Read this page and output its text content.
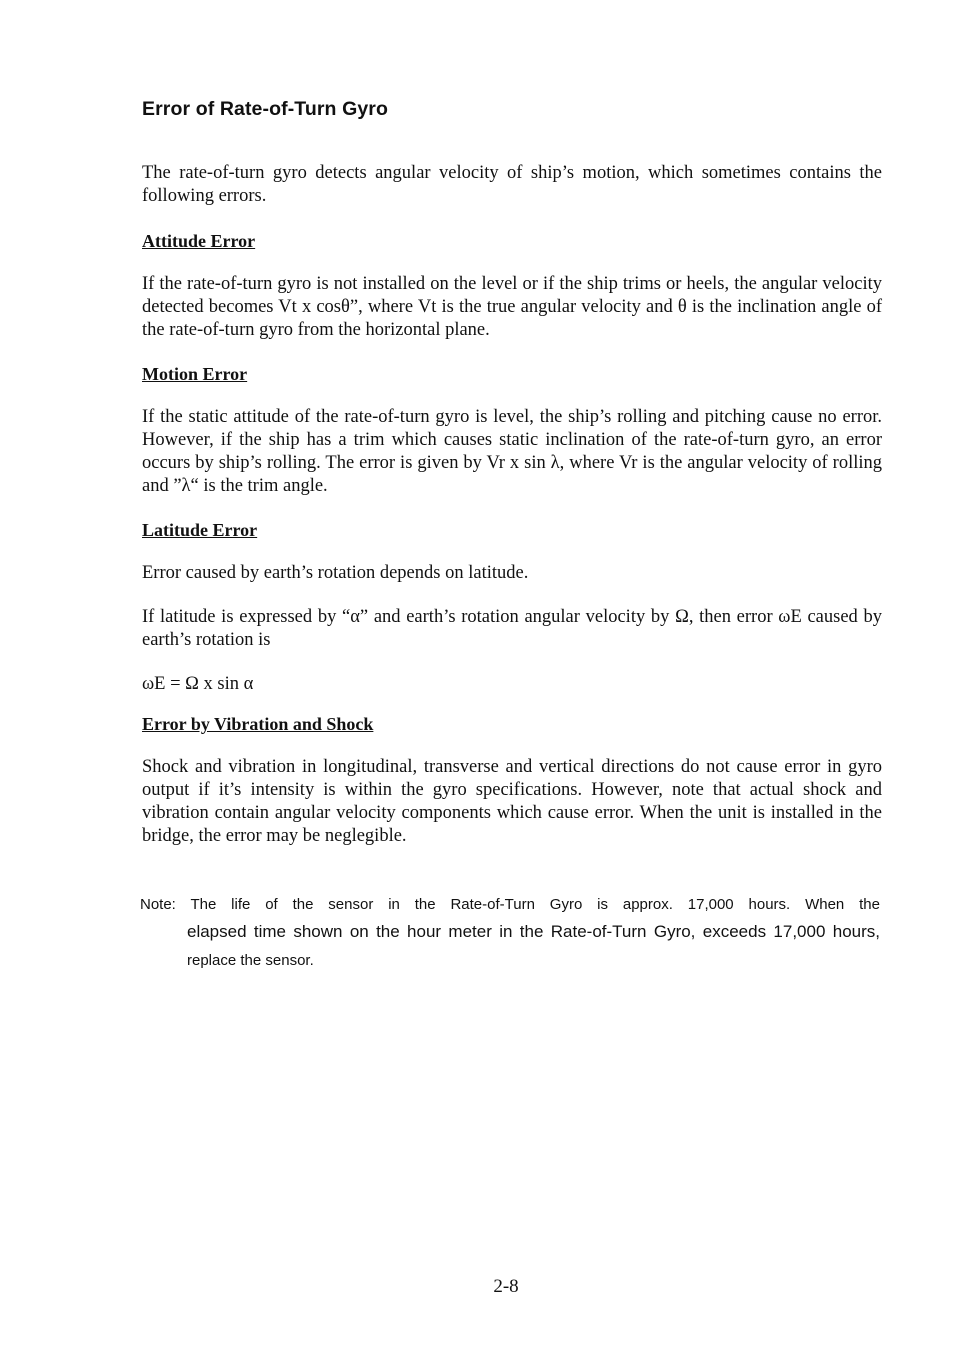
Error of Rate-of-Turn Gyro

The rate-of-turn gyro detects angular velocity of ship’s motion, which sometimes contains the following errors.

Attitude Error

If the rate-of-turn gyro is not installed on the level or if the ship trims or heels, the angular velocity detected becomes Vt x cosθ”, where Vt is the true angular velocity and θ is the inclination angle of the rate-of-turn gyro from the horizontal plane.

Motion Error

If the static attitude of the rate-of-turn gyro is level, the ship’s rolling and pitching cause no error. However, if the ship has a trim which causes static inclination of the rate-of-turn gyro, an error occurs by ship’s rolling. The error is given by Vr x sin λ, where Vr is the angular velocity of rolling and ”λ“ is the trim angle.

Latitude Error

Error caused by earth’s rotation depends on latitude.

If latitude is expressed by “α” and earth’s rotation angular velocity by Ω, then error ωE caused by earth’s rotation is

ωE = Ω x sin α

Error by Vibration and Shock

Shock and vibration in longitudinal, transverse and vertical directions do not cause error in gyro output if it’s intensity is within the gyro specifications. However, note that actual shock and vibration contain angular velocity components which cause error. When the unit is installed in the bridge, the error may be neglegible.

Note: The life of the sensor in the Rate-of-Turn Gyro is approx. 17,000 hours. When the
elapsed time shown on the hour meter in the Rate-of-Turn Gyro, exceeds 17,000 hours,
replace the sensor.
2-8
